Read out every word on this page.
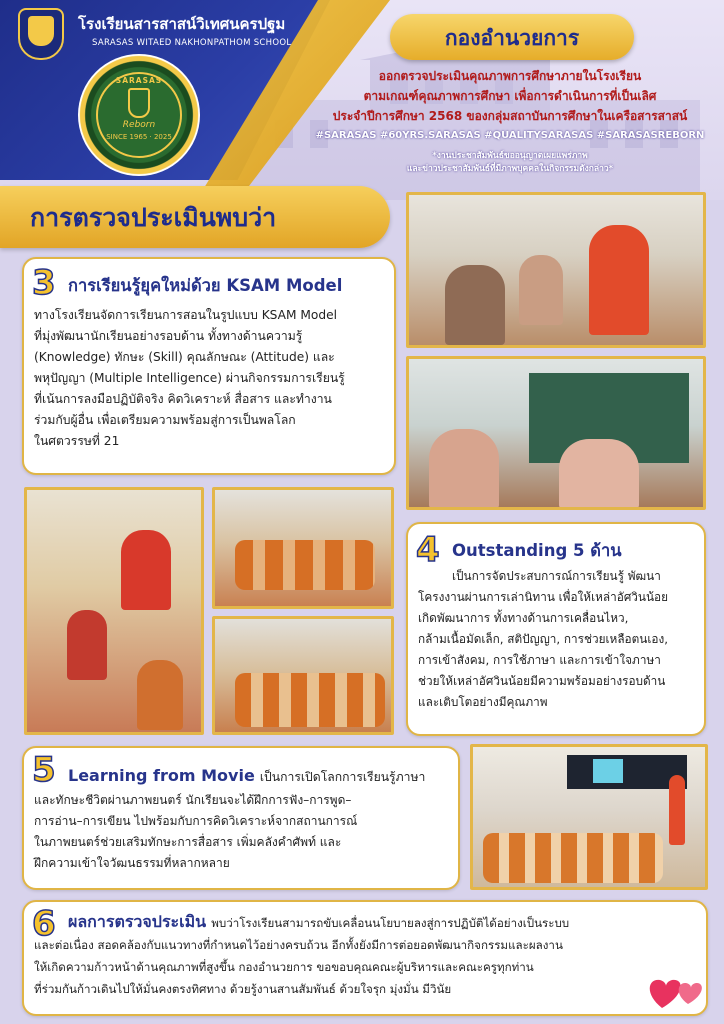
โรงเรียนสารสาสน์วิเทศนครปฐม
SARASAS WITAED NAKHONPATHOM SCHOOL
SARASAS
Reborn
SINCE 1965 · 2025
กองอำนวยการ
ออกตรวจประเมินคุณภาพการศึกษาภายในโรงเรียน
ตามเกณฑ์คุณภาพการศึกษา เพื่อการดำเนินการที่เป็นเลิศ
ประจำปีการศึกษา 2568 ของกลุ่มสถาบันการศึกษาในเครือสารสาสน์
#SARASAS #60YRS.SARASAS #QUALITYSARASAS #SARASASREBORN
*งานประชาสัมพันธ์ขออนุญาตเผยแพร่ภาพ
และข่าวประชาสัมพันธ์ที่มีภาพบุคคลในกิจกรรมดังกล่าว*
การตรวจประเมินพบว่า
3 การเรียนรู้ยุคใหม่ด้วย KSAM Model
ทางโรงเรียนจัดการเรียนการสอนในรูปแบบ KSAM Model
ที่มุ่งพัฒนานักเรียนอย่างรอบด้าน ทั้งทางด้านความรู้
(Knowledge) ทักษะ (Skill) คุณลักษณะ (Attitude) และ
พหุปัญญา (Multiple Intelligence) ผ่านกิจกรรมการเรียนรู้
ที่เน้นการลงมือปฏิบัติจริง คิดวิเคราะห์ สื่อสาร และทำงาน
ร่วมกับผู้อื่น เพื่อเตรียมความพร้อมสู่การเป็นพลโลก
ในศตวรรษที่ 21
4 Outstanding 5 ด้าน
เป็นการจัดประสบการณ์การเรียนรู้ พัฒนา
โครงงานผ่านการเล่านิทาน เพื่อให้เหล่าอัศวินน้อย
เกิดพัฒนาการ ทั้งทางด้านการเคลื่อนไหว,
กล้ามเนื้อมัดเล็ก, สติปัญญา, การช่วยเหลือตนเอง,
การเข้าสังคม, การใช้ภาษา และการเข้าใจภาษา
ช่วยให้เหล่าอัศวินน้อยมีความพร้อมอย่างรอบด้าน
และเติบโตอย่างมีคุณภาพ
5 Learning from Movie เป็นการเปิดโลกการเรียนรู้ภาษา
และทักษะชีวิตผ่านภาพยนตร์ นักเรียนจะได้ฝึกการฟัง–การพูด–
การอ่าน–การเขียน ไปพร้อมกับการคิดวิเคราะห์จากสถานการณ์
ในภาพยนตร์ช่วยเสริมทักษะการสื่อสาร เพิ่มคลังคำศัพท์ และ
ฝึกความเข้าใจวัฒนธรรมที่หลากหลาย
6 ผลการตรวจประเมิน พบว่าโรงเรียนสามารถขับเคลื่อนนโยบายลงสู่การปฏิบัติได้อย่างเป็นระบบ
และต่อเนื่อง สอดคล้องกับแนวทางที่กำหนดไว้อย่างครบถ้วน อีกทั้งยังมีการต่อยอดพัฒนากิจกรรมและผลงาน
ให้เกิดความก้าวหน้าด้านคุณภาพที่สูงขึ้น กองอำนวยการ ขอขอบคุณคณะผู้บริหารและคณะครูทุกท่าน
ที่ร่วมกันก้าวเดินไปให้มั่นคงตรงทิศทาง ด้วยรู้งานสานสัมพันธ์ ด้วยใจรุก มุ่งมั่น มีวินัย
